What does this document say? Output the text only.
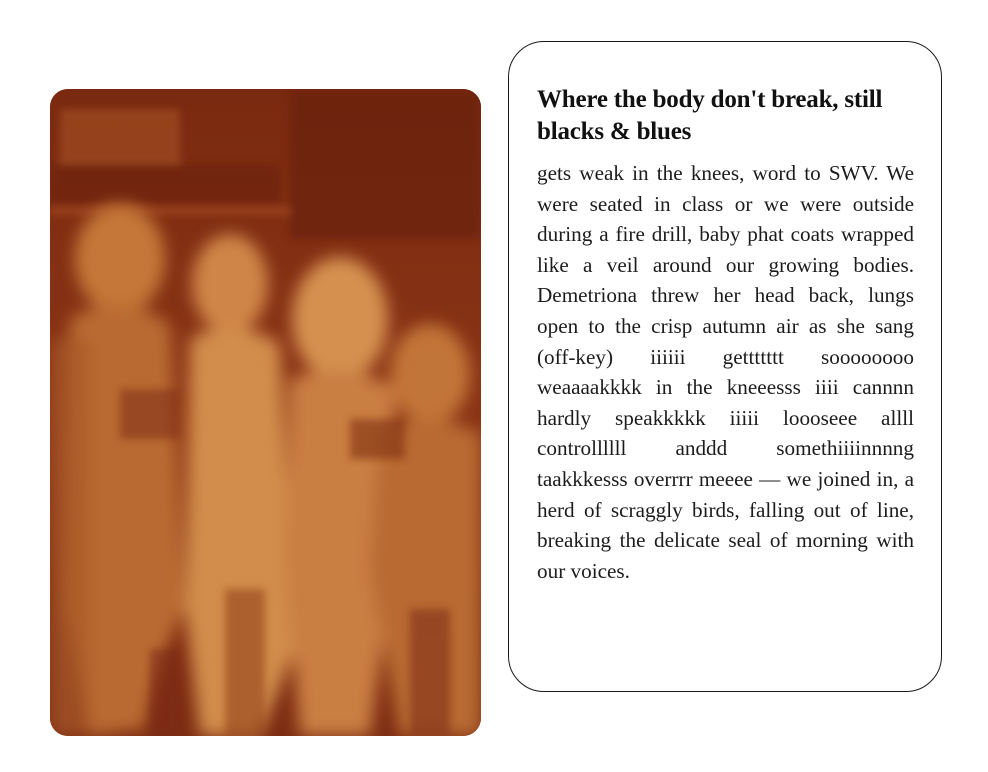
Where the body don't break, still blacks & blues

gets weak in the knees, word to SWV. We were seated in class or we were outside during a fire drill, baby phat coats wrapped like a veil around our growing bodies. Demetriona threw her head back, lungs open to the crisp autumn air as she sang (off-key) iiiiii gettttttt soooooooo weaaaakkkk in the kneeesss iiii cannnn hardly speakkkkk iiiii loooseee allll controllllll anddd somethiiiinnnng taakkkesss overrrr meeee — we joined in, a herd of scraggly birds, falling out of line, breaking the delicate seal of morning with our voices.
